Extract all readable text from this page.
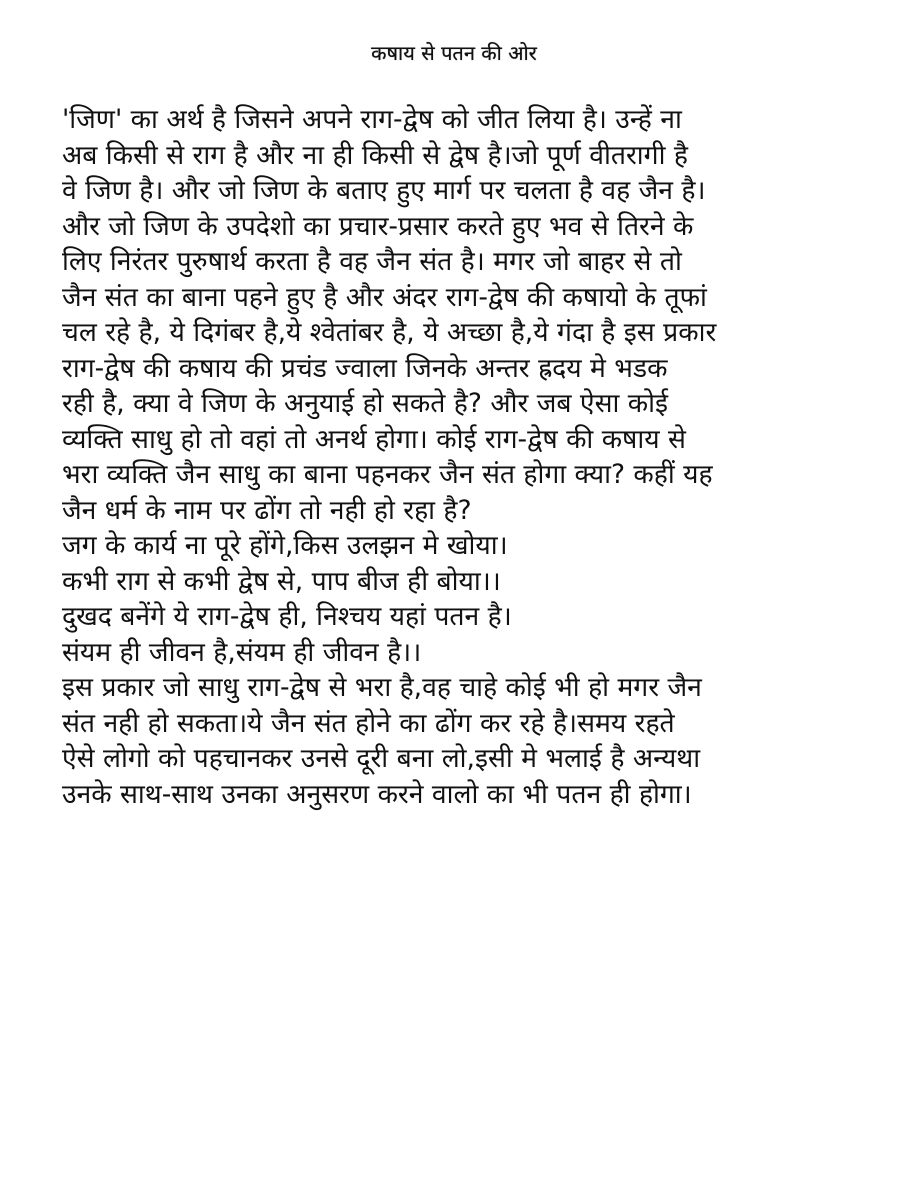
कषाय से पतन की ओर
'जिण' का अर्थ है जिसने अपने राग-द्वेष को जीत लिया है। उन्हें ना
अब किसी से राग है और ना ही किसी से द्वेष है।जो पूर्ण वीतरागी है
वे जिण है। और जो जिण के बताए हुए मार्ग पर चलता है वह जैन है।
और जो जिण के उपदेशो का प्रचार-प्रसार करते हुए भव से तिरने के
लिए निरंतर पुरुषार्थ करता है वह जैन संत है। मगर जो बाहर से तो
जैन संत का बाना पहने हुए है और अंदर राग-द्वेष की कषायो के तूफां
चल रहे है, ये दिगंबर है,ये श्वेतांबर है, ये अच्छा है,ये गंदा है इस प्रकार
राग-द्वेष की कषाय की प्रचंड ज्वाला जिनके अन्तर ह्रदय मे भडक
रही है, क्या वे जिण के अनुयाई हो सकते है? और जब ऐसा कोई
व्यक्ति साधु हो तो वहां तो अनर्थ होगा। कोई राग-द्वेष की कषाय से
भरा व्यक्ति जैन साधु का बाना पहनकर जैन संत होगा क्या? कहीं यह
जैन धर्म के नाम पर ढोंग तो नही हो रहा है?
जग के कार्य ना पूरे होंगे,किस उलझन मे खोया।
कभी राग से कभी द्वेष से, पाप बीज ही बोया।।
दुखद बनेंगे ये राग-द्वेष ही, निश्चय यहां पतन है।
संयम ही जीवन है,संयम ही जीवन है।।
इस प्रकार जो साधु राग-द्वेष से भरा है,वह चाहे कोई भी हो मगर जैन
संत नही हो सकता।ये जैन संत होने का ढोंग कर रहे है।समय रहते
ऐसे लोगो को पहचानकर उनसे दूरी बना लो,इसी मे भलाई है अन्यथा
उनके साथ-साथ उनका अनुसरण करने वालो का भी पतन ही होगा।
